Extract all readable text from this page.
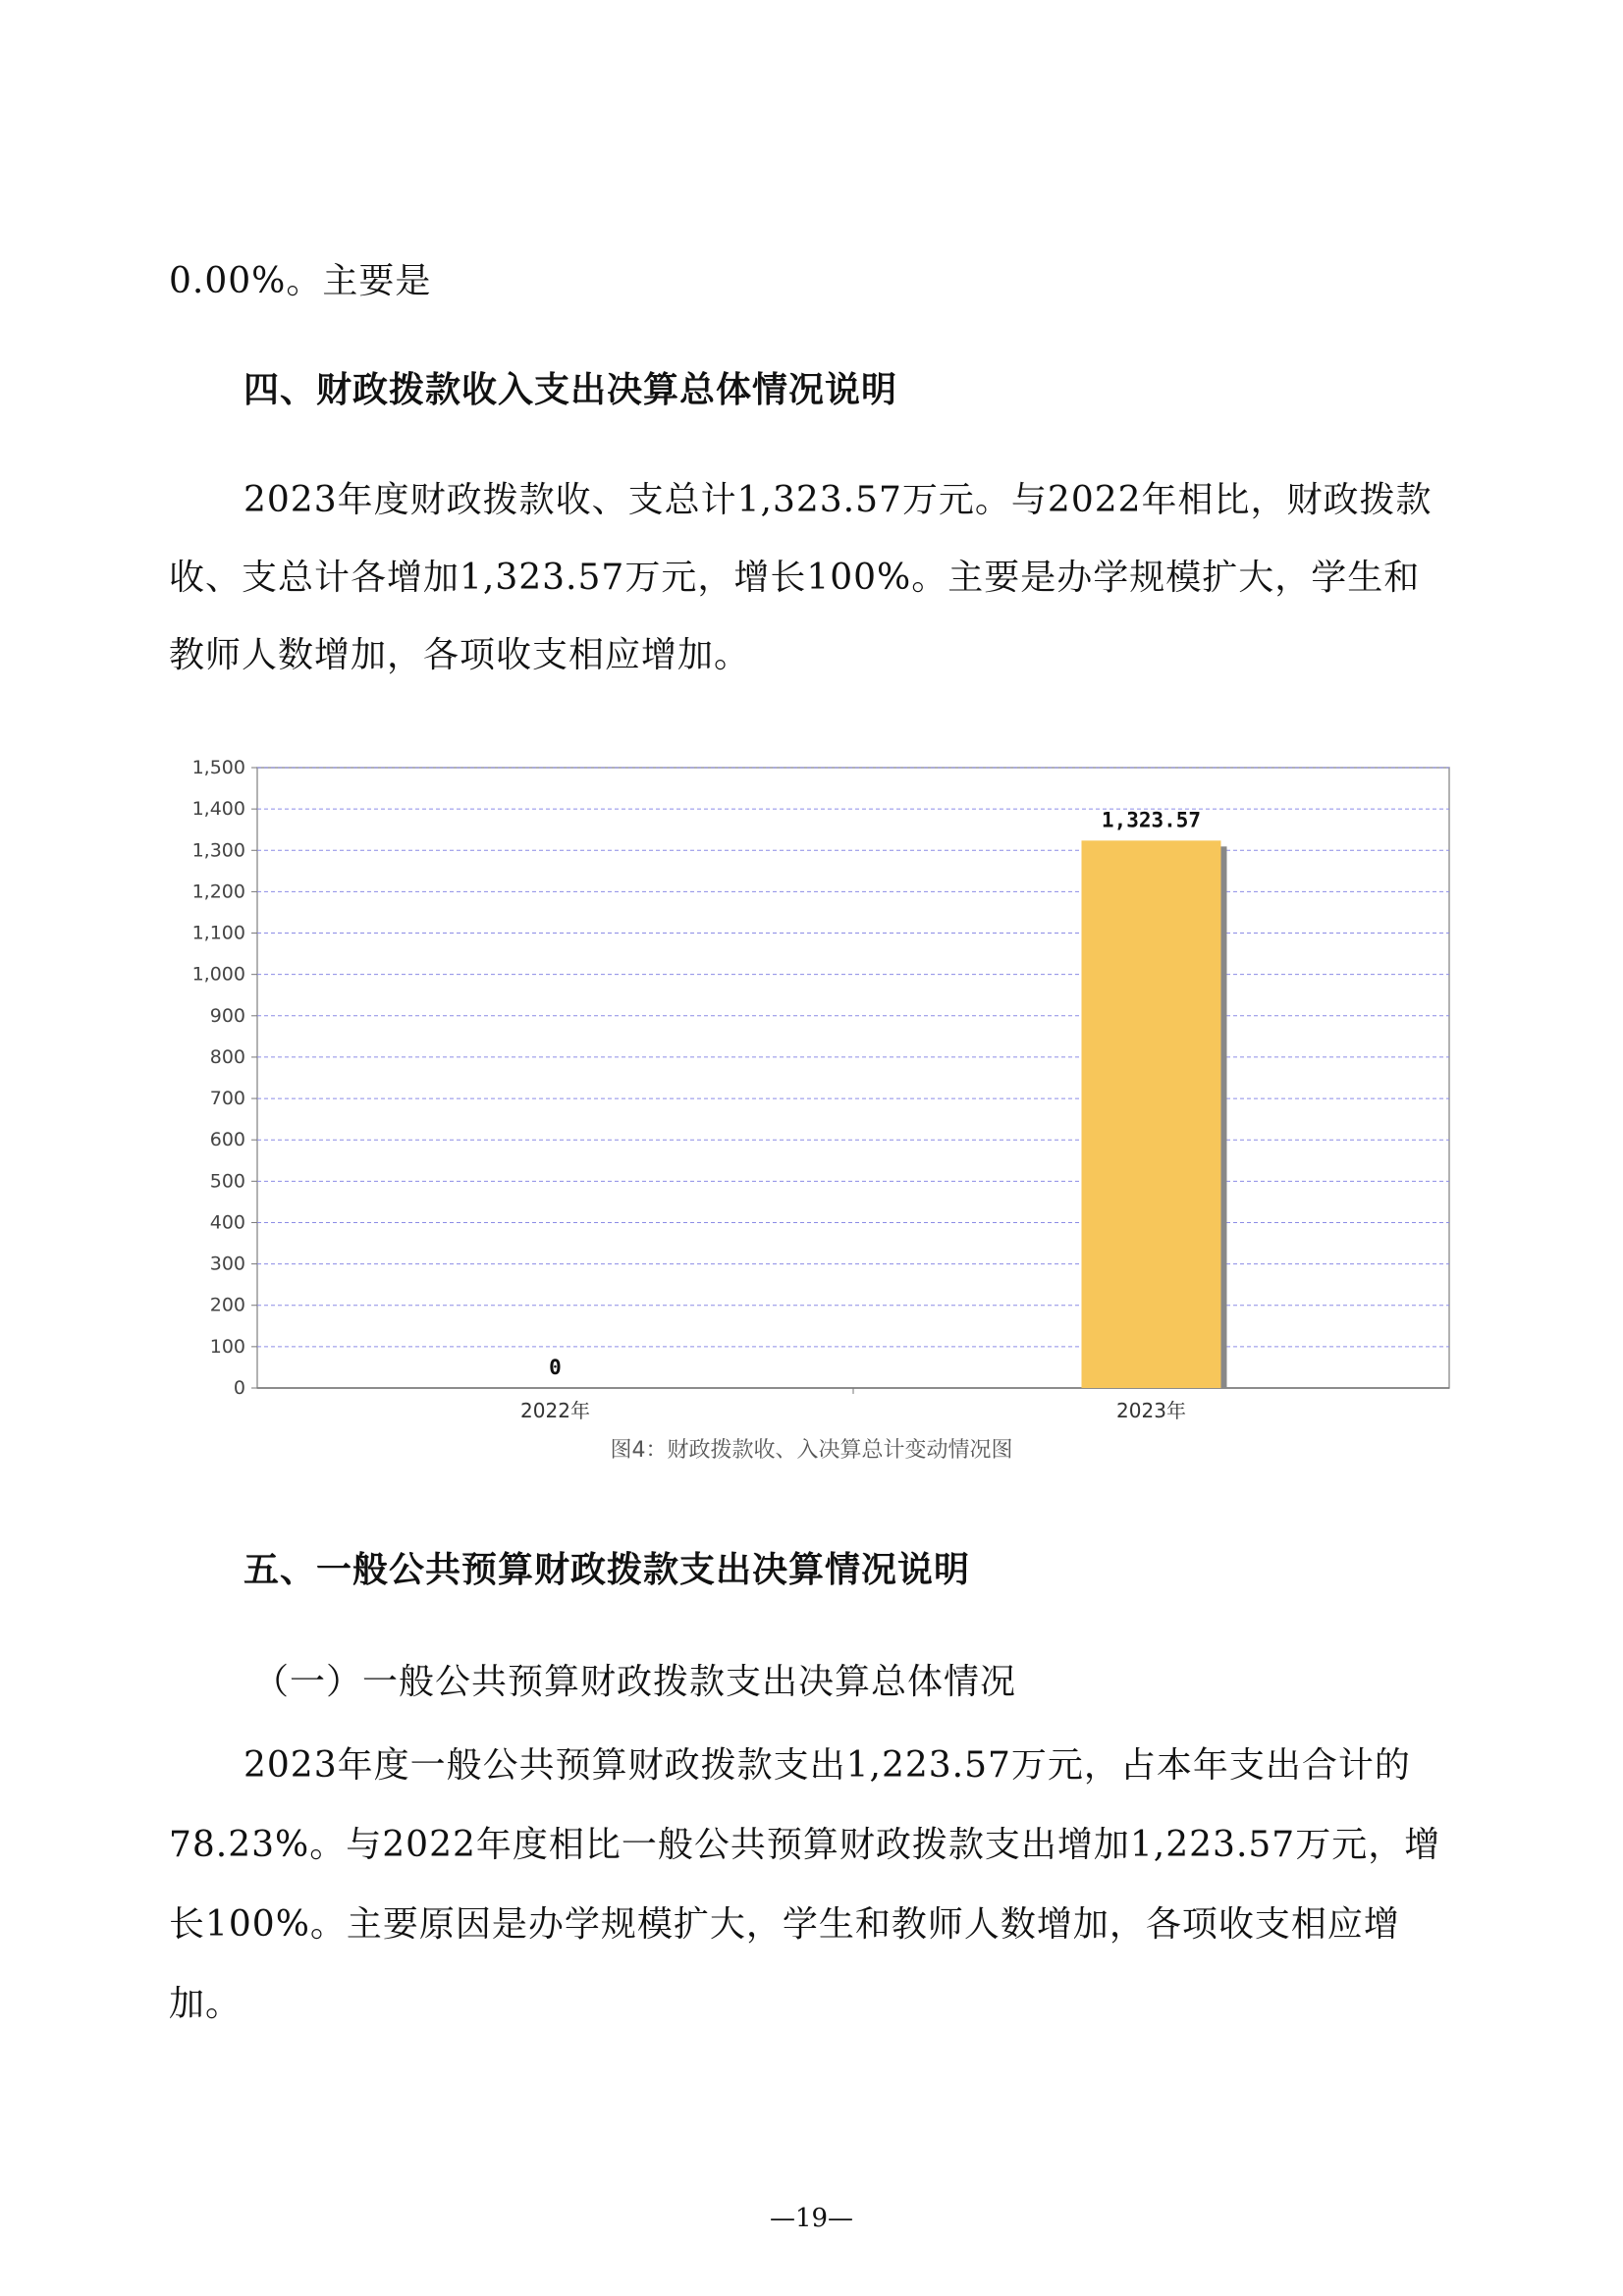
0.00%。主要是
四、财政拨款收入支出决算总体情况说明
2023年度财政拨款收、支总计1,323.57万元。与2022年相比，财政拨款
收、支总计各增加1,323.57万元，增长100%。主要是办学规模扩大，学生和
教师人数增加，各项收支相应增加。
0
100
200
300
400
500
600
700
800
900
1,000
1,100
1,200
1,300
1,400
1,500
0
2022年
1,323.57
2023年
图4：财政拨款收、入决算总计变动情况图
五、一般公共预算财政拨款支出决算情况说明
（一）一般公共预算财政拨款支出决算总体情况
2023年度一般公共预算财政拨款支出1,223.57万元，占本年支出合计的
78.23%。与2022年度相比一般公共预算财政拨款支出增加1,223.57万元，增
长100%。主要原因是办学规模扩大，学生和教师人数增加，各项收支相应增
加。
—19—
